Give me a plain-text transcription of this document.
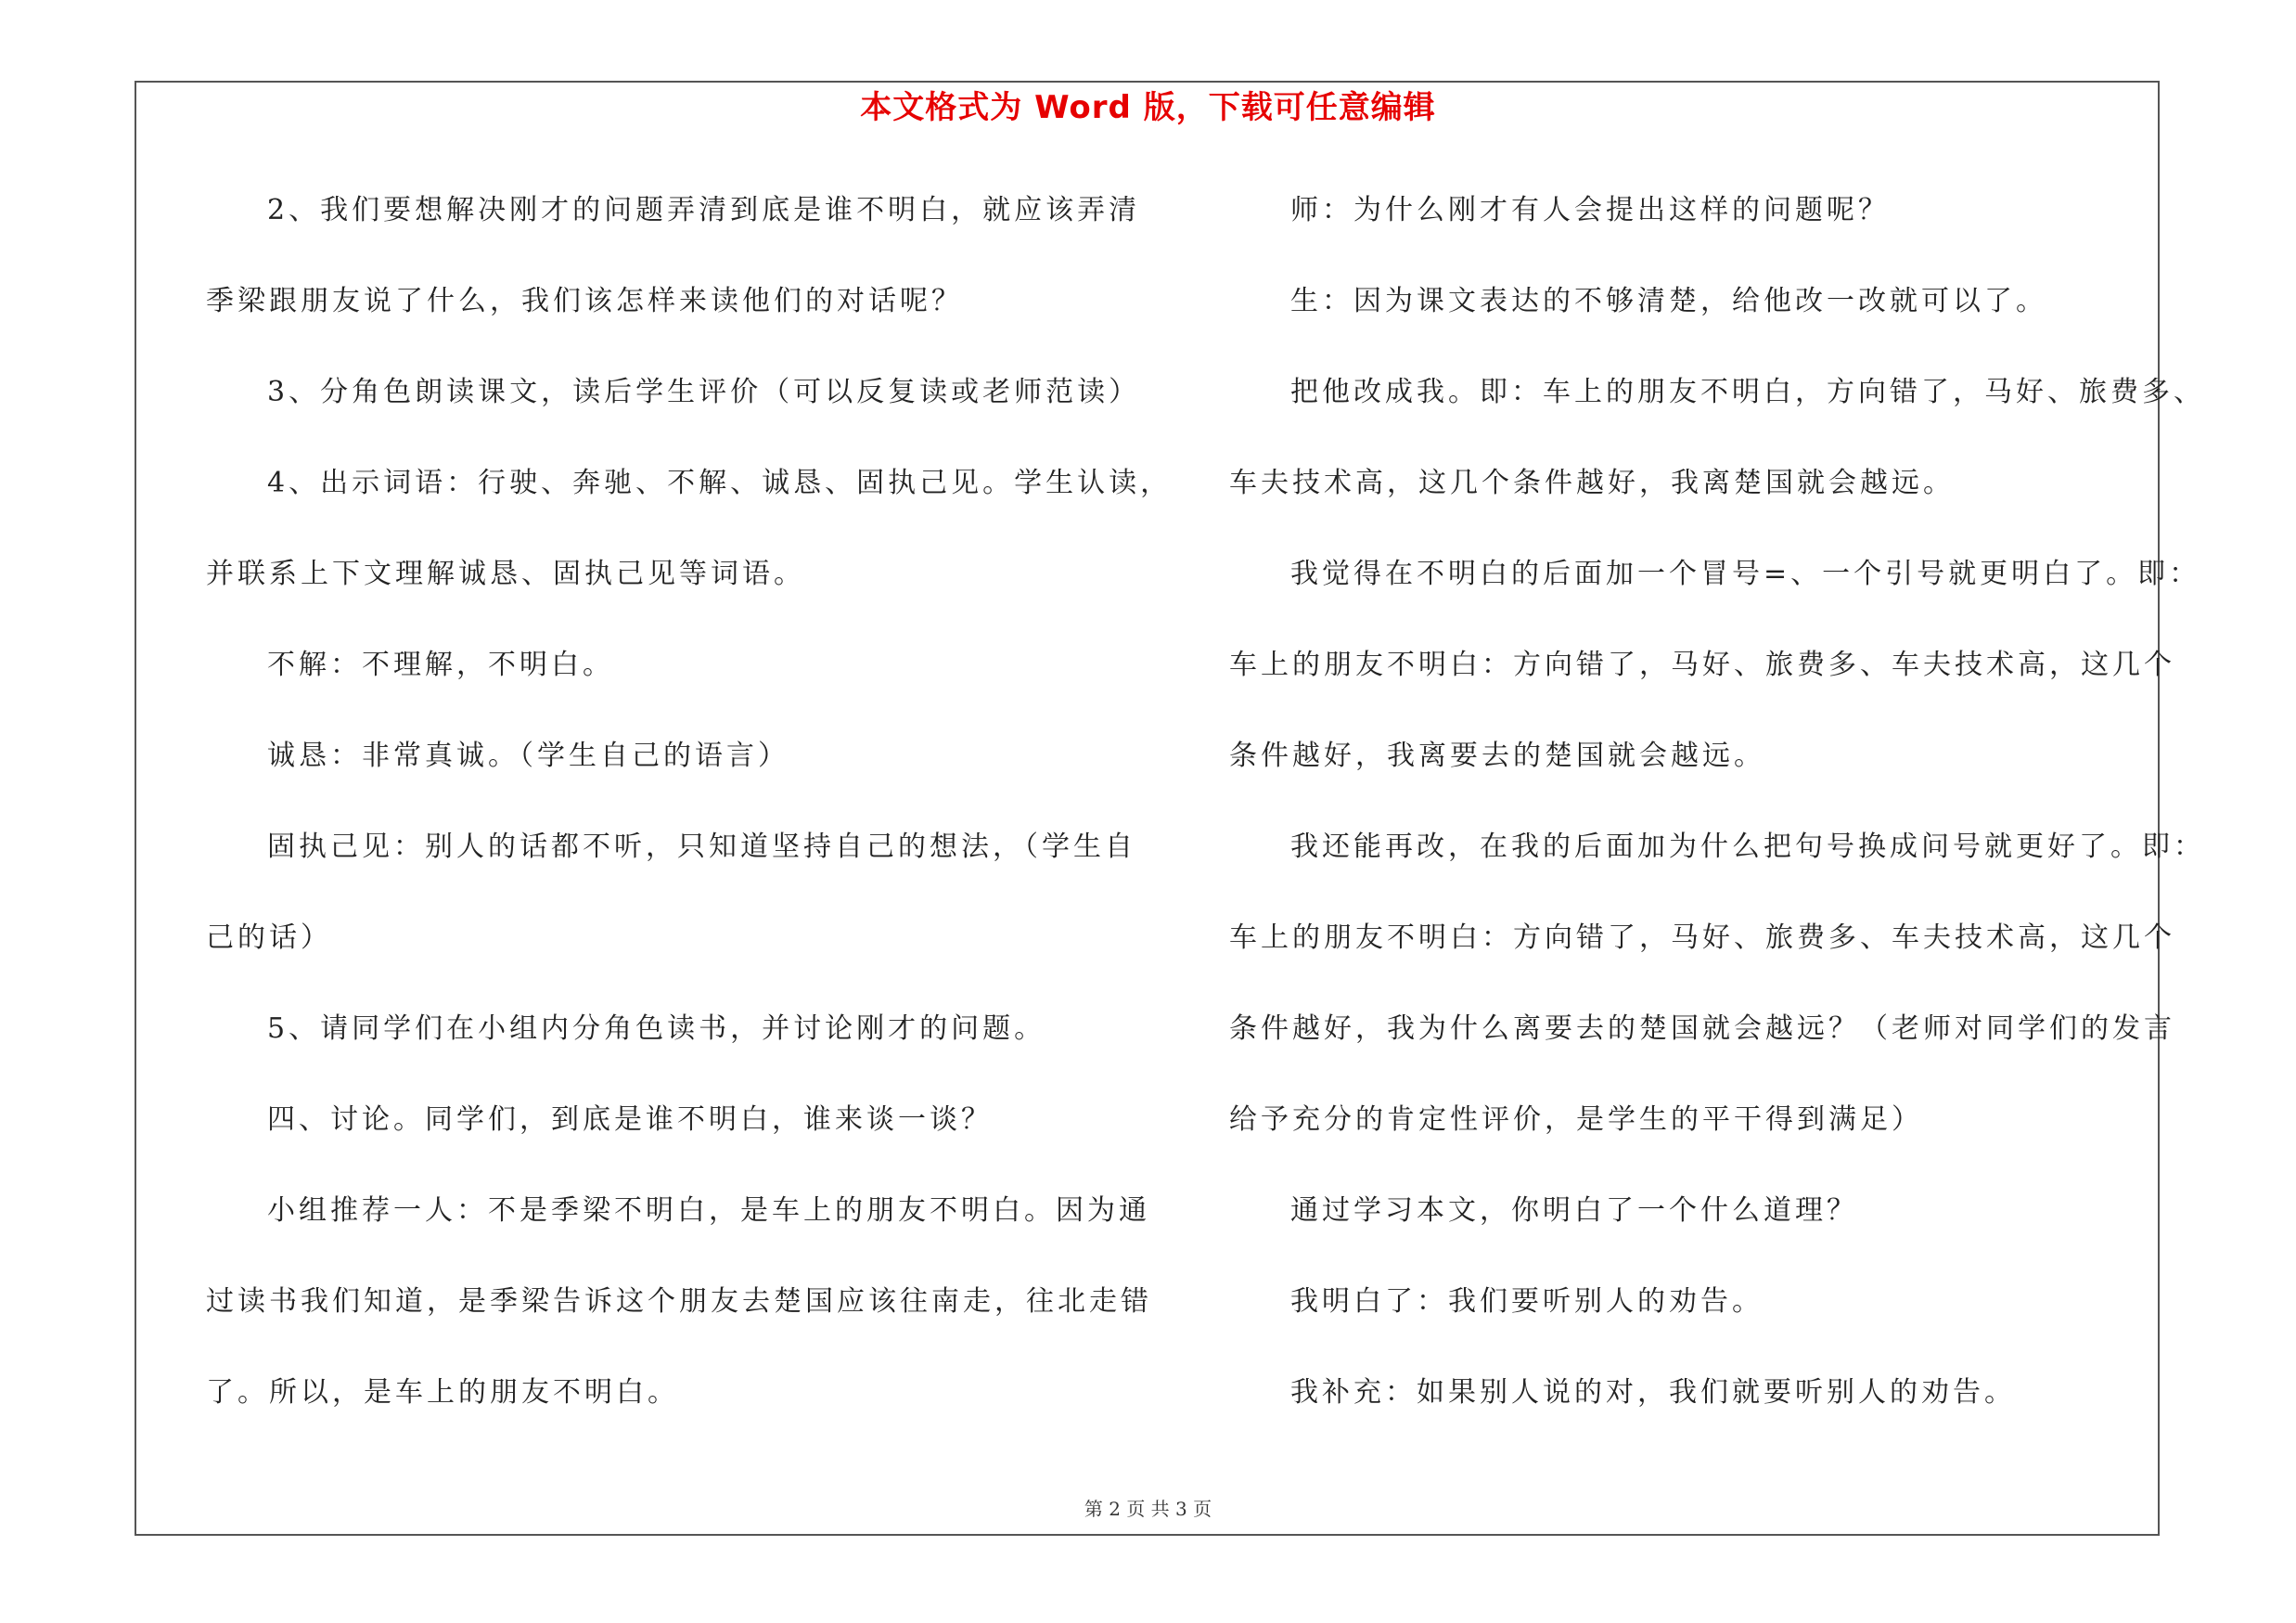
本文格式为 Word 版，下载可任意编辑
2、我们要想解决刚才的问题弄清到底是谁不明白，就应该弄清
季梁跟朋友说了什么，我们该怎样来读他们的对话呢？
3、分角色朗读课文，读后学生评价（可以反复读或老师范读）
4、出示词语：行驶、奔驰、不解、诚恳、固执己见。学生认读，
并联系上下文理解诚恳、固执己见等词语。
不解：不理解，不明白。
诚恳：非常真诚。（学生自己的语言）
固执己见：别人的话都不听，只知道坚持自己的想法，（学生自
己的话）
5、请同学们在小组内分角色读书，并讨论刚才的问题。
四、讨论。同学们，到底是谁不明白，谁来谈一谈？
小组推荐一人：不是季梁不明白，是车上的朋友不明白。因为通
过读书我们知道，是季梁告诉这个朋友去楚国应该往南走，往北走错
了。所以，是车上的朋友不明白。
师：为什么刚才有人会提出这样的问题呢？
生：因为课文表达的不够清楚，给他改一改就可以了。
把他改成我。即：车上的朋友不明白，方向错了，马好、旅费多、
车夫技术高，这几个条件越好，我离楚国就会越远。
我觉得在不明白的后面加一个冒号=、一个引号就更明白了。即：
车上的朋友不明白：方向错了，马好、旅费多、车夫技术高，这几个
条件越好，我离要去的楚国就会越远。
我还能再改，在我的后面加为什么把句号换成问号就更好了。即：
车上的朋友不明白：方向错了，马好、旅费多、车夫技术高，这几个
条件越好，我为什么离要去的楚国就会越远？（老师对同学们的发言
给予充分的肯定性评价，是学生的平干得到满足）
通过学习本文，你明白了一个什么道理？
我明白了：我们要听别人的劝告。
我补充：如果别人说的对，我们就要听别人的劝告。
第 2 页 共 3 页
